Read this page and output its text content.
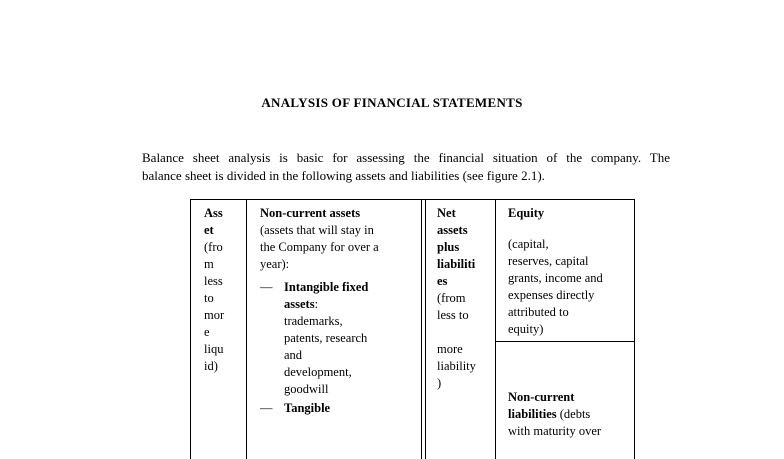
ANALYSIS OF FINANCIAL STATEMENTS
Balance sheet analysis is basic for assessing the financial situation of the company. The
balance sheet is divided in the following assets and liabilities (see figure 2.1).
Ass
et
(fro
m
less
to
mor
e
liqu
id)
Non-current assets
(assets that will stay in
the Company for over a
year):
— Intangible fixed
assets:
trademarks,
patents, research
and
development,
goodwill
— Tangible
Net
assets
plus
liabiliti
es
(from
less to
more
liability
)
Equity
(capital,
reserves, capital
grants, income and
expenses directly
attributed to
equity)
Non-current
liabilities (debts
with maturity over
